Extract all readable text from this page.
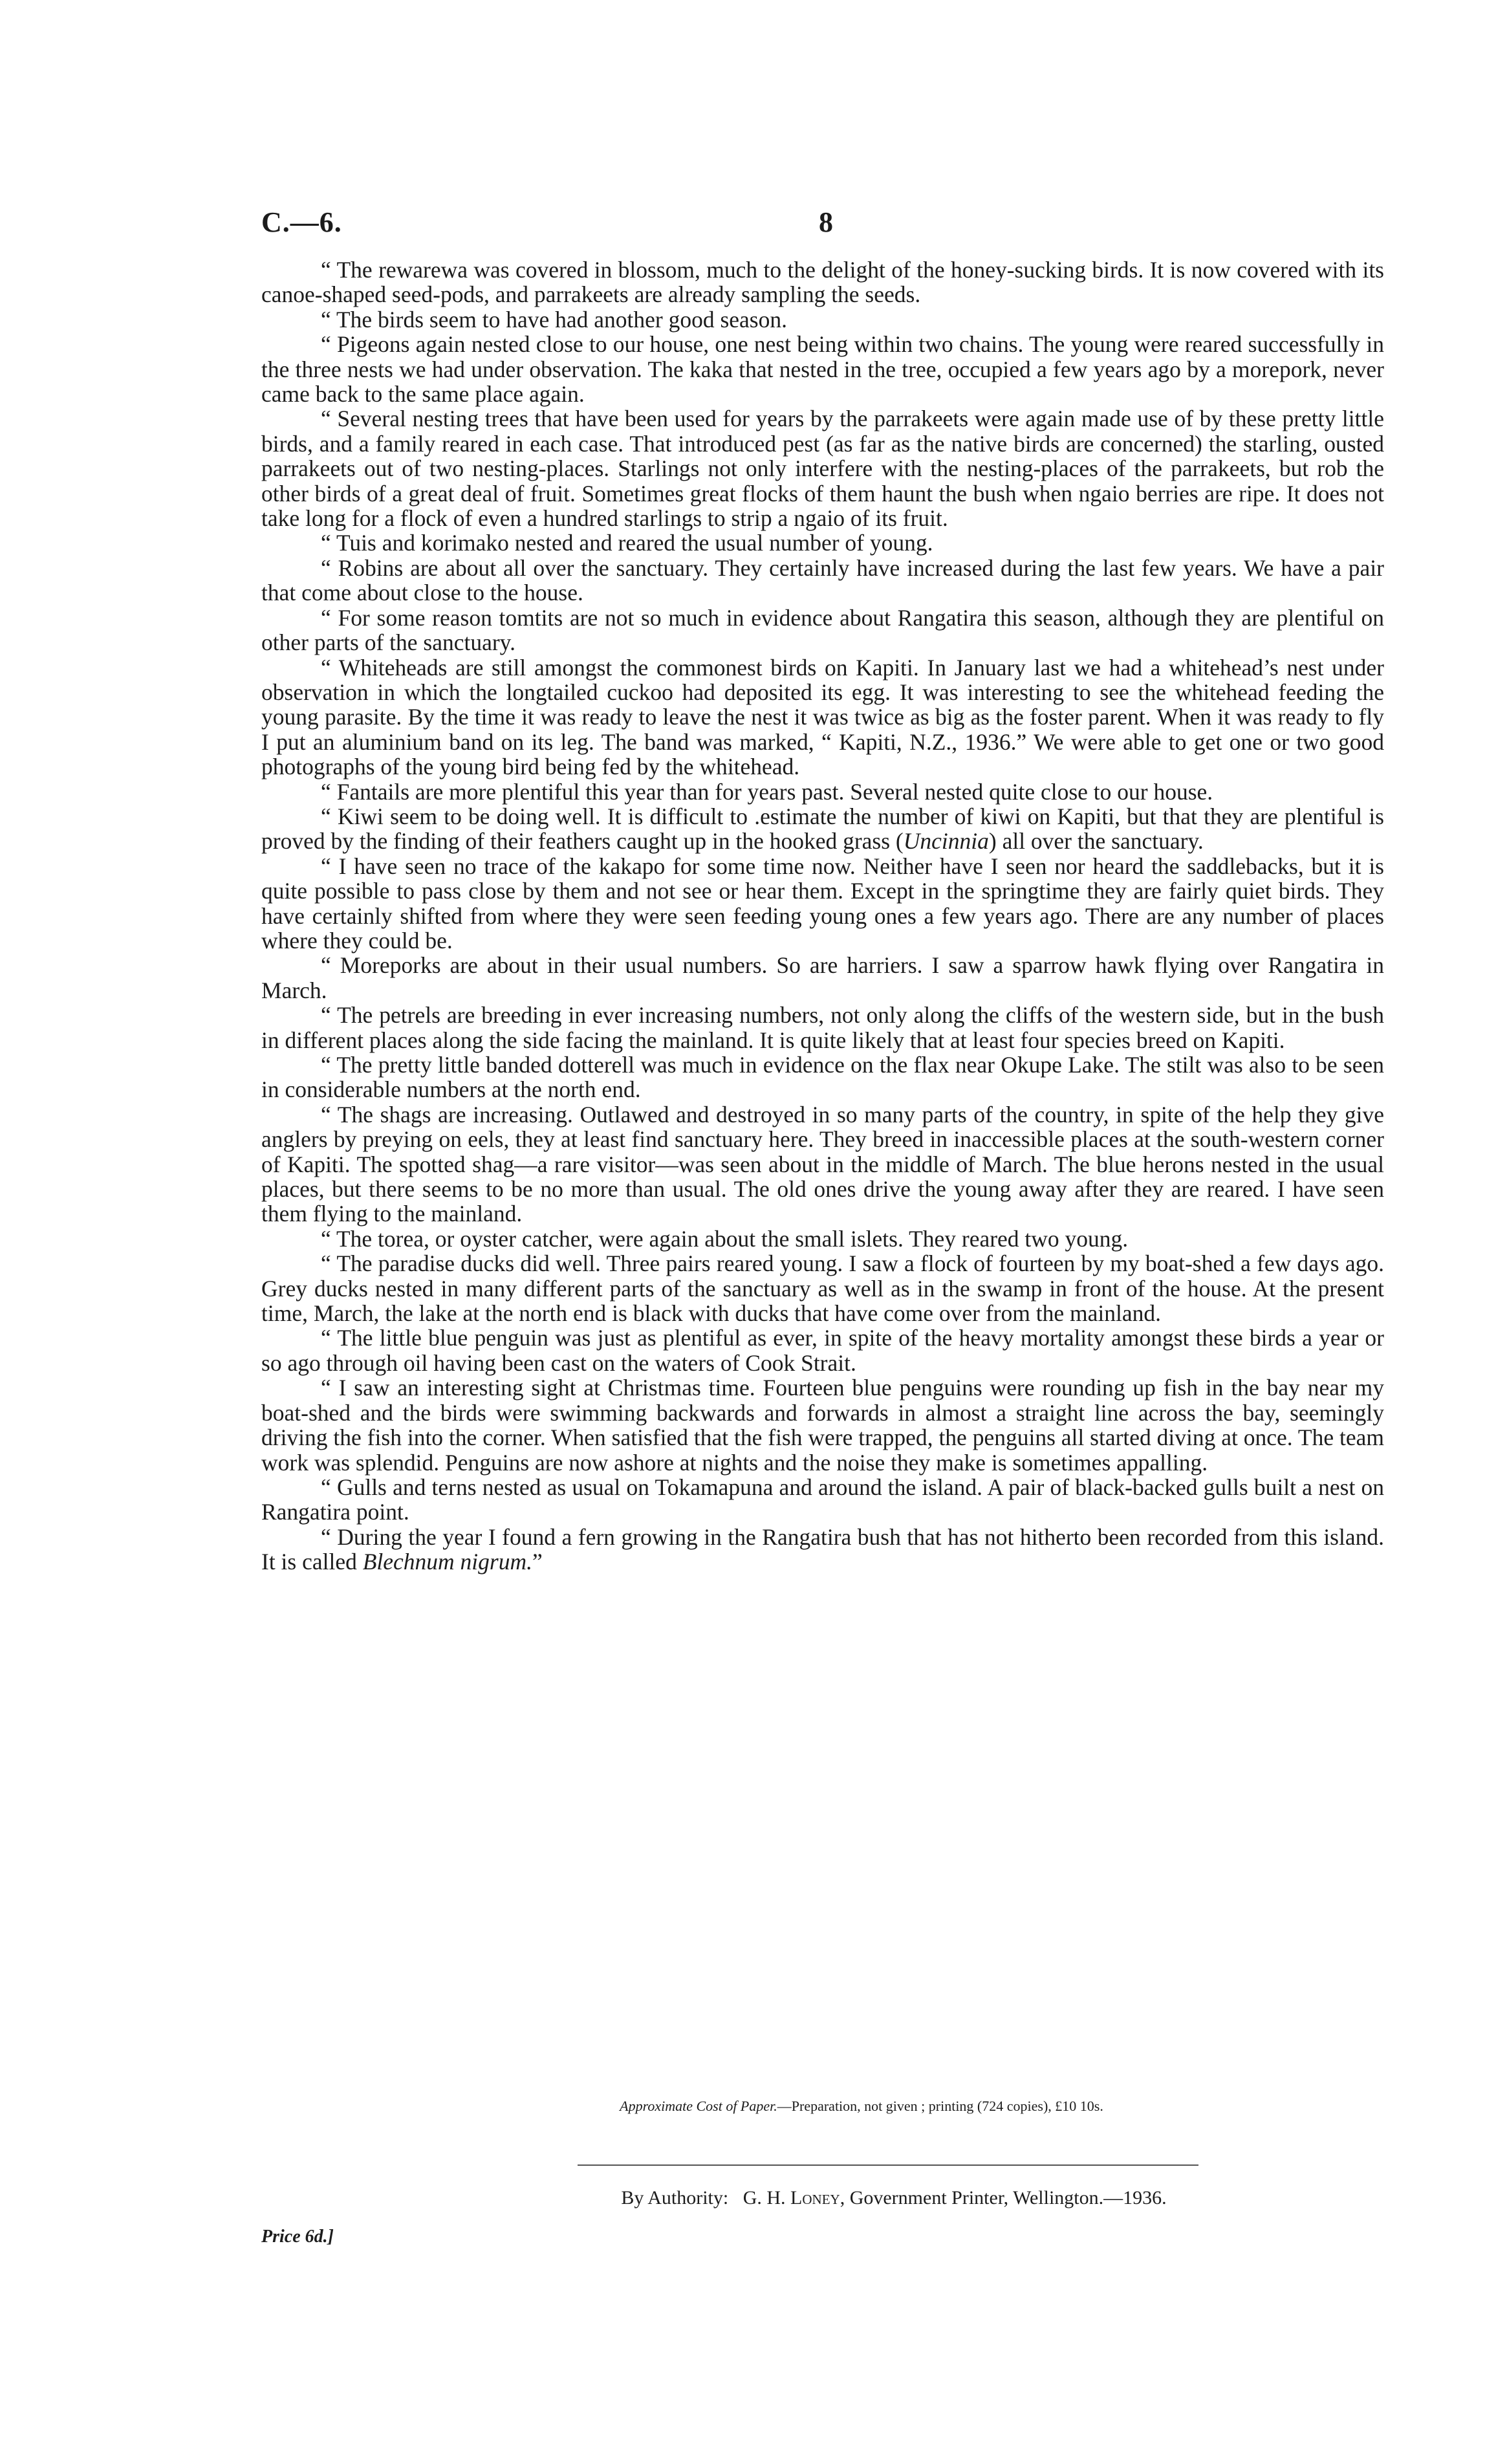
C.—6.	8

“ The rewarewa was covered in blossom, much to the delight of the honey-sucking birds. It is now covered with its canoe-shaped seed-pods, and parrakeets are already sampling the seeds.

“ The birds seem to have had another good season.

“ Pigeons again nested close to our house, one nest being within two chains. The young were reared successfully in the three nests we had under observation. The kaka that nested in the tree, occupied a few years ago by a morepork, never came back to the same place again.

“ Several nesting trees that have been used for years by the parrakeets were again made use of by these pretty little birds, and a family reared in each case. That introduced pest (as far as the native birds are concerned) the starling, ousted parrakeets out of two nesting-places. Starlings not only interfere with the nesting-places of the parrakeets, but rob the other birds of a great deal of fruit. Sometimes great flocks of them haunt the bush when ngaio berries are ripe. It does not take long for a flock of even a hundred starlings to strip a ngaio of its fruit.

“ Tuis and korimako nested and reared the usual number of young.

“ Robins are about all over the sanctuary. They certainly have increased during the last few years. We have a pair that come about close to the house.

“ For some reason tomtits are not so much in evidence about Rangatira this season, although they are plentiful on other parts of the sanctuary.

“ Whiteheads are still amongst the commonest birds on Kapiti. In January last we had a whitehead’s nest under observation in which the longtailed cuckoo had deposited its egg. It was interesting to see the whitehead feeding the young parasite. By the time it was ready to leave the nest it was twice as big as the foster parent. When it was ready to fly I put an aluminium band on its leg. The band was marked, “ Kapiti, N.Z., 1936.” We were able to get one or two good photographs of the young bird being fed by the whitehead.

“ Fantails are more plentiful this year than for years past. Several nested quite close to our house.

“ Kiwi seem to be doing well. It is difficult to .estimate the number of kiwi on Kapiti, but that they are plentiful is proved by the finding of their feathers caught up in the hooked grass (Uncinnia) all over the sanctuary.

“ I have seen no trace of the kakapo for some time now. Neither have I seen nor heard the saddlebacks, but it is quite possible to pass close by them and not see or hear them. Except in the springtime they are fairly quiet birds. They have certainly shifted from where they were seen feeding young ones a few years ago. There are any number of places where they could be.

“ Moreporks are about in their usual numbers. So are harriers. I saw a sparrow hawk flying over Rangatira in March.

“ The petrels are breeding in ever increasing numbers, not only along the cliffs of the western side, but in the bush in different places along the side facing the mainland. It is quite likely that at least four species breed on Kapiti.

“ The pretty little banded dotterell was much in evidence on the flax near Okupe Lake. The stilt was also to be seen in considerable numbers at the north end.

“ The shags are increasing. Outlawed and destroyed in so many parts of the country, in spite of the help they give anglers by preying on eels, they at least find sanctuary here. They breed in inaccessible places at the south-western corner of Kapiti. The spotted shag—a rare visitor—was seen about in the middle of March. The blue herons nested in the usual places, but there seems to be no more than usual. The old ones drive the young away after they are reared. I have seen them flying to the mainland.

“ The torea, or oyster catcher, were again about the small islets. They reared two young.

“ The paradise ducks did well. Three pairs reared young. I saw a flock of fourteen by my boat-shed a few days ago. Grey ducks nested in many different parts of the sanctuary as well as in the swamp in front of the house. At the present time, March, the lake at the north end is black with ducks that have come over from the mainland.

“ The little blue penguin was just as plentiful as ever, in spite of the heavy mortality amongst these birds a year or so ago through oil having been cast on the waters of Cook Strait.

“ I saw an interesting sight at Christmas time. Fourteen blue penguins were rounding up fish in the bay near my boat-shed and the birds were swimming backwards and forwards in almost a straight line across the bay, seemingly driving the fish into the corner. When satisfied that the fish were trapped, the penguins all started diving at once. The team work was splendid. Penguins are now ashore at nights and the noise they make is sometimes appalling.

“ Gulls and terns nested as usual on Tokamapuna and around the island. A pair of black-backed gulls built a nest on Rangatira point.

“ During the year I found a fern growing in the Rangatira bush that has not hitherto been recorded from this island. It is called Blechnum nigrum.”

Approximate Cost of Paper.—Preparation, not given ; printing (724 copies), £10 10s.
By Authority: G. H. Loney, Government Printer, Wellington.—1936.
Price 6d.]
